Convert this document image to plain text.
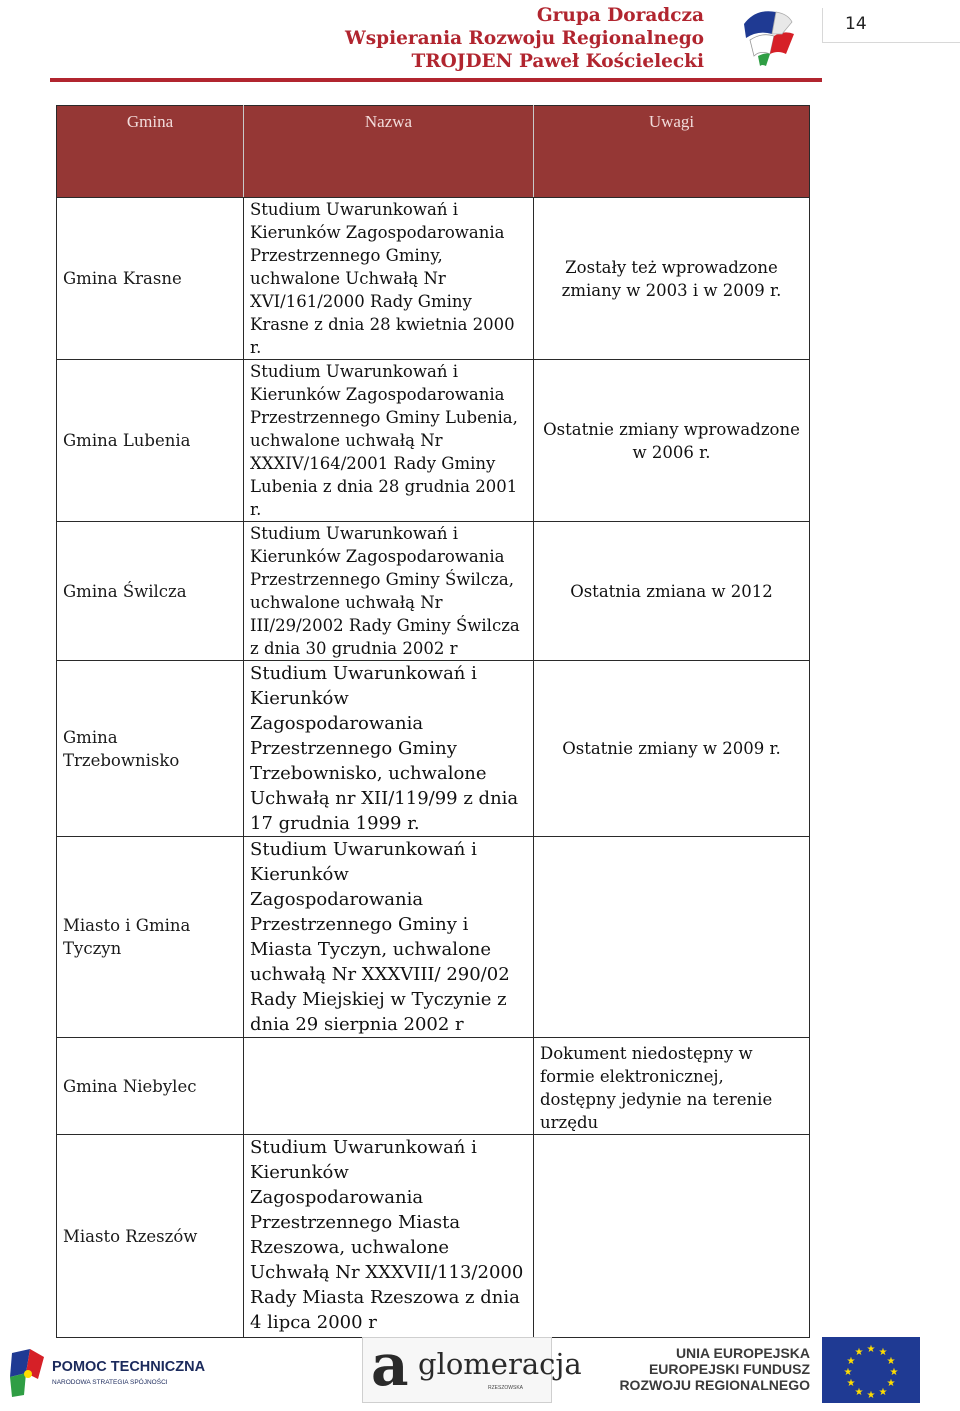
Grupa Doradcza
Wspierania Rozwoju Regionalnego
TROJDEN Paweł Kościelecki
14
Gmina	Nazwa	Uwagi
Gmina Krasne	Studium Uwarunkowań i Kierunków Zagospodarowania Przestrzennego Gminy, uchwalone Uchwałą Nr XVI/161/2000 Rady Gminy Krasne z dnia 28 kwietnia 2000 r.	Zostały też wprowadzone zmiany w 2003 i w 2009 r.
Gmina Lubenia	Studium Uwarunkowań i Kierunków Zagospodarowania Przestrzennego Gminy Lubenia, uchwalone uchwałą Nr XXXIV/164/2001 Rady Gminy Lubenia z dnia 28 grudnia 2001 r.	Ostatnie zmiany wprowadzone w 2006 r.
Gmina Świlcza	Studium Uwarunkowań i Kierunków Zagospodarowania Przestrzennego Gminy Świlcza, uchwalone uchwałą Nr III/29/2002 Rady Gminy Świlcza z dnia 30 grudnia 2002 r	Ostatnia zmiana w 2012
Gmina Trzebownisko	Studium Uwarunkowań i Kierunków Zagospodarowania Przestrzennego Gminy Trzebownisko, uchwalone Uchwałą nr XII/119/99 z dnia 17 grudnia 1999 r.	Ostatnie zmiany w 2009 r.
Miasto i Gmina Tyczyn	Studium Uwarunkowań i Kierunków Zagospodarowania Przestrzennego Gminy i Miasta Tyczyn, uchwalone uchwałą Nr XXXVIII/ 290/02 Rady Miejskiej w Tyczynie z dnia 29 sierpnia 2002 r	
Gmina Niebylec		Dokument niedostępny w formie elektronicznej, dostępny jedynie na terenie urzędu
Miasto Rzeszów	Studium Uwarunkowań i Kierunków Zagospodarowania Przestrzennego Miasta Rzeszowa, uchwalone Uchwałą Nr XXXVII/113/2000 Rady Miasta Rzeszowa z dnia 4 lipca 2000 r	
POMOC TECHNICZNA
NARODOWA STRATEGIA SPÓJNOŚCI	a glomeracja
RZESZOWSKA
UNIA EUROPEJSKA
EUROPEJSKI FUNDUSZ
ROZWOJU REGIONALNEGO
★ ★
★
★
★
★
★
★
★
★
★
★
